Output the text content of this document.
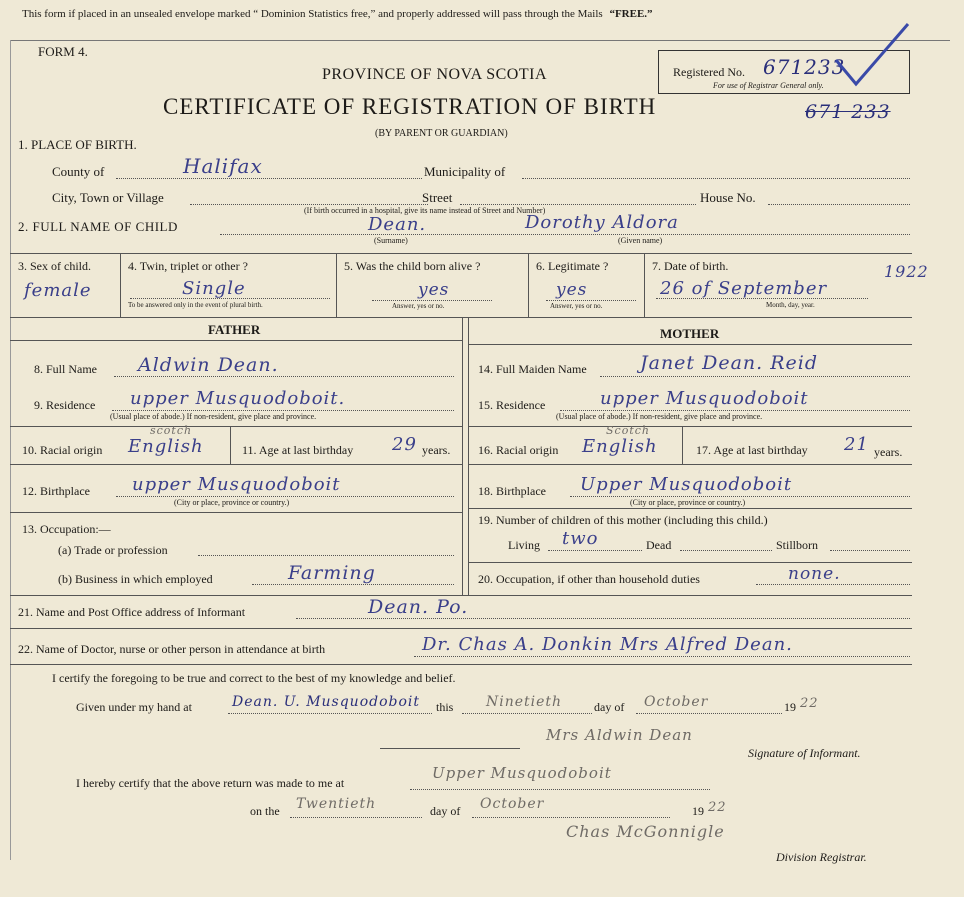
This form if placed in an unsealed envelope marked “ Dominion Statistics free,” and properly addressed will pass through the Mails “FREE.”
FORM 4.
PROVINCE OF NOVA SCOTIA
CERTIFICATE OF REGISTRATION OF BIRTH
(BY PARENT OR GUARDIAN)
Registered No. 671233
For use of Registrar General only.
671 233
1. PLACE OF BIRTH.
County of	Halifax	Municipality of
City, Town or Village	Street	House No.
(If birth occurred in a hospital, give its name instead of Street and Number)
2. FULL NAME OF CHILD	Dean.	Dorothy Aldora
(Surname)	(Given name)
3. Sex of child.
female
4. Twin, triplet or other ?
Single
To be answered only in the event of plural birth.
5. Was the child born alive ?
yes
Answer, yes or no.
6. Legitimate ?
yes
Answer, yes or no.
7. Date of birth.
26 of September
1922
Month, day, year.
FATHER	MOTHER
8. Full Name Aldwin Dean.
9. Residence upper Musquodoboit.
(Usual place of abode.) If non-resident, give place and province.
10. Racial origin English
scotch
11. Age at last birthday 29 years.
12. Birthplace upper Musquodoboit
(City or place, province or country.)
13. Occupation:—
(a) Trade or profession
(b) Business in which employed	Farming
14. Full Maiden Name	Janet Dean. Reid
15. Residence	upper Musquodoboit
(Usual place of abode.) If non-resident, give place and province.
16. Racial origin English
Scotch
17. Age at last birthday 21 years.
18. Birthplace Upper Musquodoboit
(City or place, province or country.)
19. Number of children of this mother (including this child.)
Living two	Dead	Stillborn
20. Occupation, if other than household duties	none.
21. Name and Post Office address of Informant	Dean. Po.
22. Name of Doctor, nurse or other person in attendance at birth	Dr. Chas A. Donkin Mrs Alfred Dean.
I certify the foregoing to be true and correct to the best of my knowledge and belief.
Given under my hand at	Dean. U. Musquodoboit this Ninetieth	day of October	19 22
Mrs Aldwin Dean
Signature of Informant.
I hereby certify that the above return was made to me at
Upper Musquodoboit
on the Twentieth	day of October	19 22
Chas McGonnigle
Division Registrar.
